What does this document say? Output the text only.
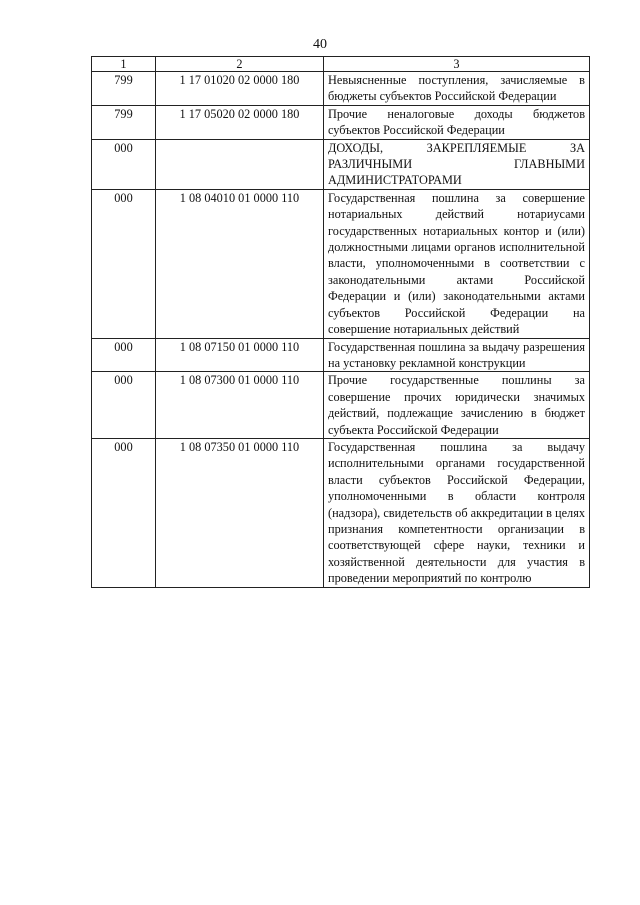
40
1	2	3
799	1 17 01020 02 0000 180	Невыясненные поступления, зачисляемые в бюджеты субъектов Российской Федерации
799	1 17 05020 02 0000 180	Прочие неналоговые доходы бюджетов субъектов Российской Федерации
000		ДОХОДЫ, ЗАКРЕПЛЯЕМЫЕ ЗА РАЗЛИЧНЫМИ ГЛАВНЫМИ АДМИНИСТРАТОРАМИ
000	1 08 04010 01 0000 110	Государственная пошлина за совершение нотариальных действий нотариусами государственных нотариальных контор и (или) должностными лицами органов исполнительной власти, уполномоченными в соответствии с законодательными актами Российской Федерации и (или) законодательными актами субъектов Российской Федерации на совершение нотариальных действий
000	1 08 07150 01 0000 110	Государственная пошлина за выдачу разрешения на установку рекламной конструкции
000	1 08 07300 01 0000 110	Прочие государственные пошлины за совершение прочих юридически значимых действий, подлежащие зачислению в бюджет субъекта Российской Федерации
000	1 08 07350 01 0000 110	Государственная пошлина за выдачу исполнительными органами государственной власти субъектов Российской Федерации, уполномоченными в области контроля (надзора), свидетельств об аккредитации в целях признания компетентности организации в соответствующей сфере науки, техники и хозяйственной деятельности для участия в проведении мероприятий по контролю
